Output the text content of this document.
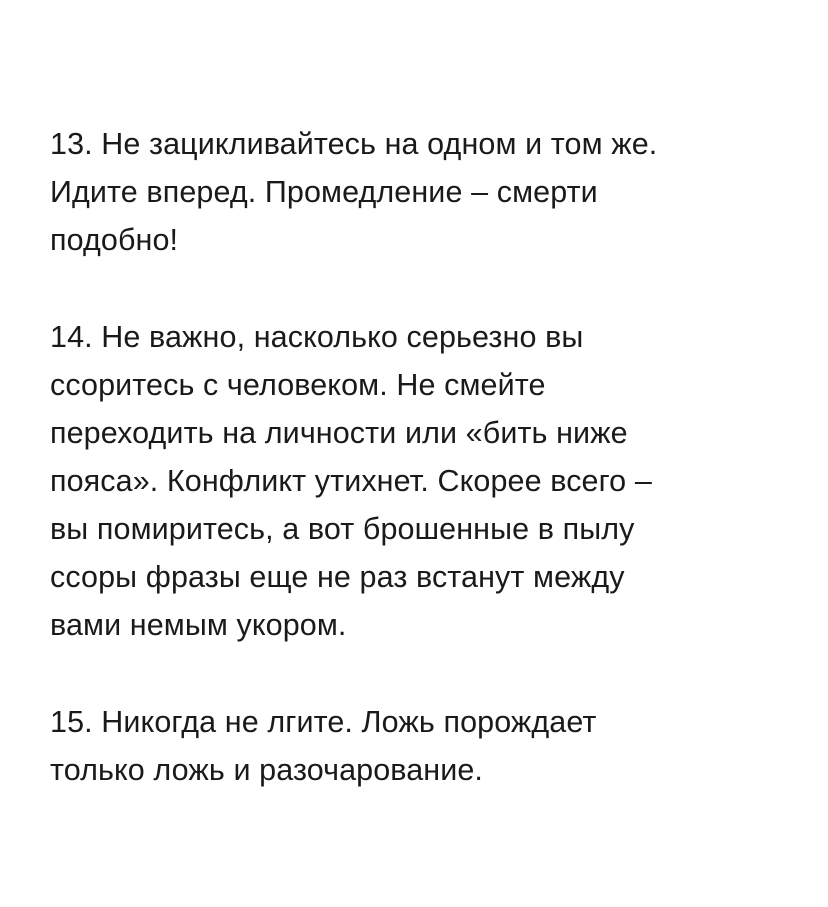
13. Не зацикливайтесь на одном и том же.
Идите вперед. Промедление – смерти
подобно!

14. Не важно, насколько серьезно вы
ссоритесь с человеком. Не смейте
переходить на личности или «бить ниже
пояса». Конфликт утихнет. Скорее всего –
вы помиритесь, а вот брошенные в пылу
ссоры фразы еще не раз встанут между
вами немым укором.

15. Никогда не лгите. Ложь порождает
только ложь и разочарование.
